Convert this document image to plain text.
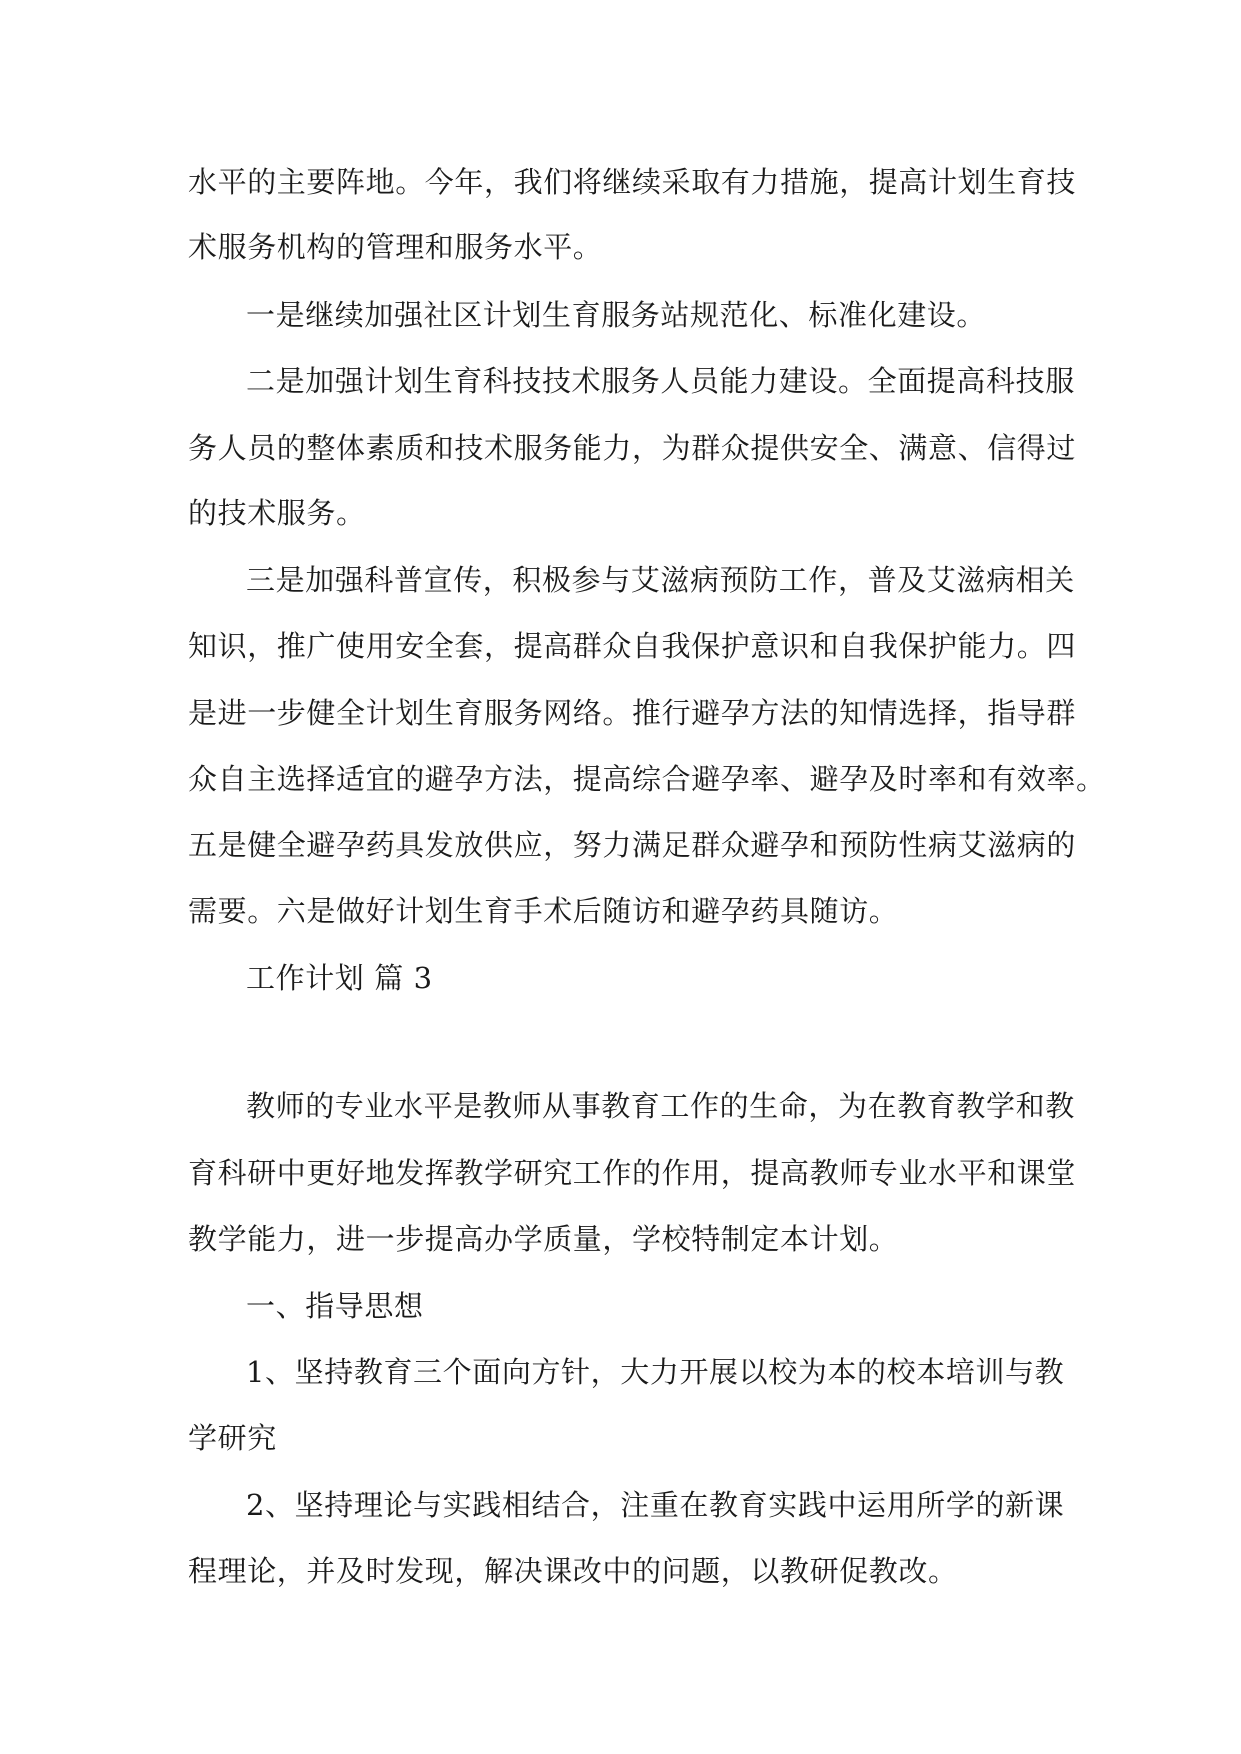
水平的主要阵地。今年，我们将继续采取有力措施，提高计划生育技
术服务机构的管理和服务水平。
一是继续加强社区计划生育服务站规范化、标准化建设。
二是加强计划生育科技技术服务人员能力建设。全面提高科技服
务人员的整体素质和技术服务能力，为群众提供安全、满意、信得过
的技术服务。
三是加强科普宣传，积极参与艾滋病预防工作，普及艾滋病相关
知识，推广使用安全套，提高群众自我保护意识和自我保护能力。四
是进一步健全计划生育服务网络。推行避孕方法的知情选择，指导群
众自主选择适宜的避孕方法，提高综合避孕率、避孕及时率和有效率。
五是健全避孕药具发放供应，努力满足群众避孕和预防性病艾滋病的
需要。六是做好计划生育手术后随访和避孕药具随访。
工作计划 篇 3
教师的专业水平是教师从事教育工作的生命，为在教育教学和教
育科研中更好地发挥教学研究工作的作用，提高教师专业水平和课堂
教学能力，进一步提高办学质量，学校特制定本计划。
一、指导思想
1、坚持教育三个面向方针，大力开展以校为本的校本培训与教
学研究
2、坚持理论与实践相结合，注重在教育实践中运用所学的新课
程理论，并及时发现，解决课改中的问题，以教研促教改。
